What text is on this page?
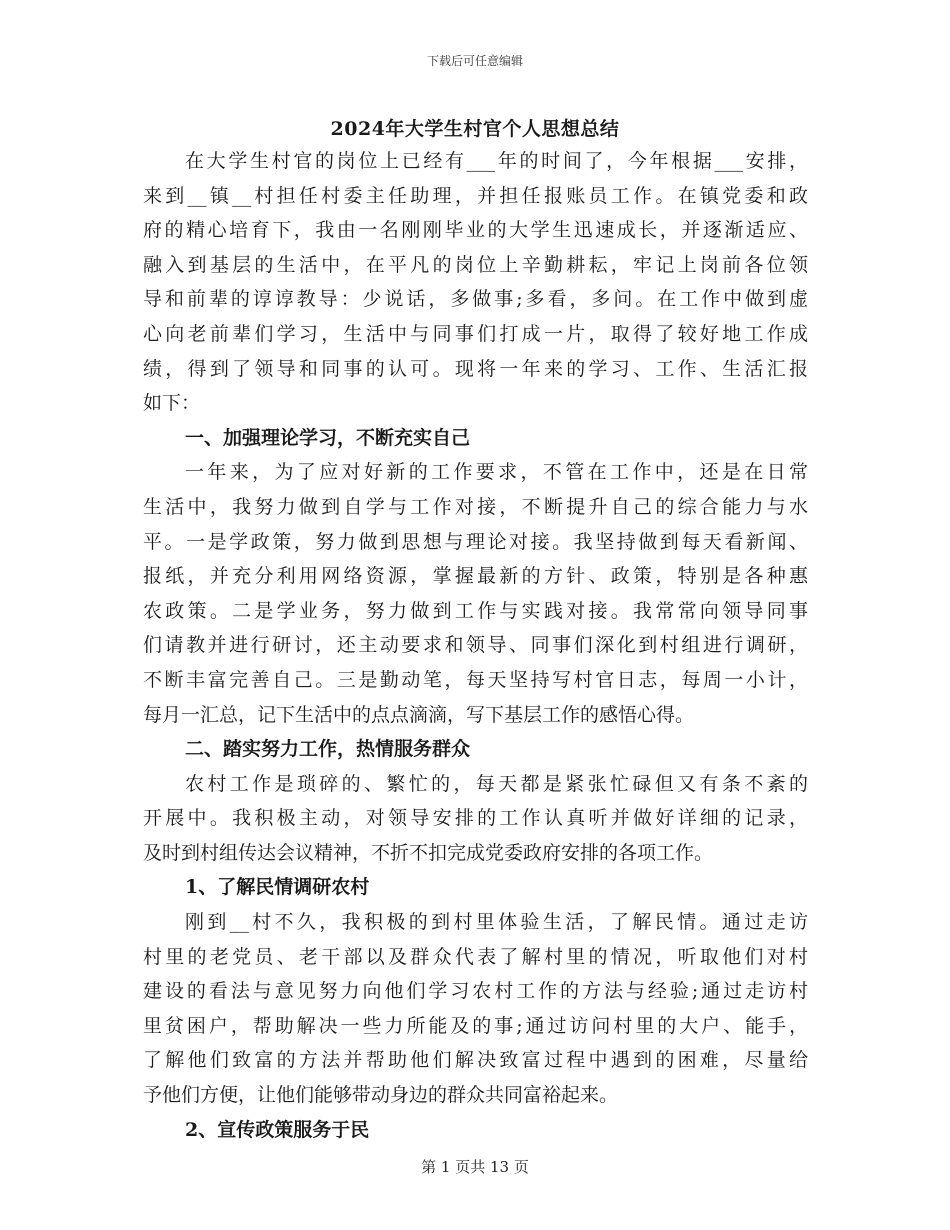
下载后可任意编辑
2024年大学生村官个人思想总结
在大学生村官的岗位上已经有___年的时间了，今年根据___安排，
来到__镇__村担任村委主任助理，并担任报账员工作。在镇党委和政
府的精心培育下，我由一名刚刚毕业的大学生迅速成长，并逐渐适应、
融入到基层的生活中，在平凡的岗位上辛勤耕耘，牢记上岗前各位领
导和前辈的谆谆教导：少说话，多做事;多看，多问。在工作中做到虚
心向老前辈们学习，生活中与同事们打成一片，取得了较好地工作成
绩，得到了领导和同事的认可。现将一年来的学习、工作、生活汇报
如下：
一、加强理论学习，不断充实自己
一年来，为了应对好新的工作要求，不管在工作中，还是在日常
生活中，我努力做到自学与工作对接，不断提升自己的综合能力与水
平。一是学政策，努力做到思想与理论对接。我坚持做到每天看新闻、
报纸，并充分利用网络资源，掌握最新的方针、政策，特别是各种惠
农政策。二是学业务，努力做到工作与实践对接。我常常向领导同事
们请教并进行研讨，还主动要求和领导、同事们深化到村组进行调研，
不断丰富完善自己。三是勤动笔，每天坚持写村官日志，每周一小计，
每月一汇总，记下生活中的点点滴滴，写下基层工作的感悟心得。
二、踏实努力工作，热情服务群众
农村工作是琐碎的、繁忙的，每天都是紧张忙碌但又有条不紊的
开展中。我积极主动，对领导安排的工作认真听并做好详细的记录，
及时到村组传达会议精神，不折不扣完成党委政府安排的各项工作。
1、了解民情调研农村
刚到__村不久，我积极的到村里体验生活，了解民情。通过走访
村里的老党员、老干部以及群众代表了解村里的情况，听取他们对村
建设的看法与意见努力向他们学习农村工作的方法与经验;通过走访村
里贫困户，帮助解决一些力所能及的事;通过访问村里的大户、能手，
了解他们致富的方法并帮助他们解决致富过程中遇到的困难，尽量给
予他们方便，让他们能够带动身边的群众共同富裕起来。
2、宣传政策服务于民
第 1 页共 13 页
